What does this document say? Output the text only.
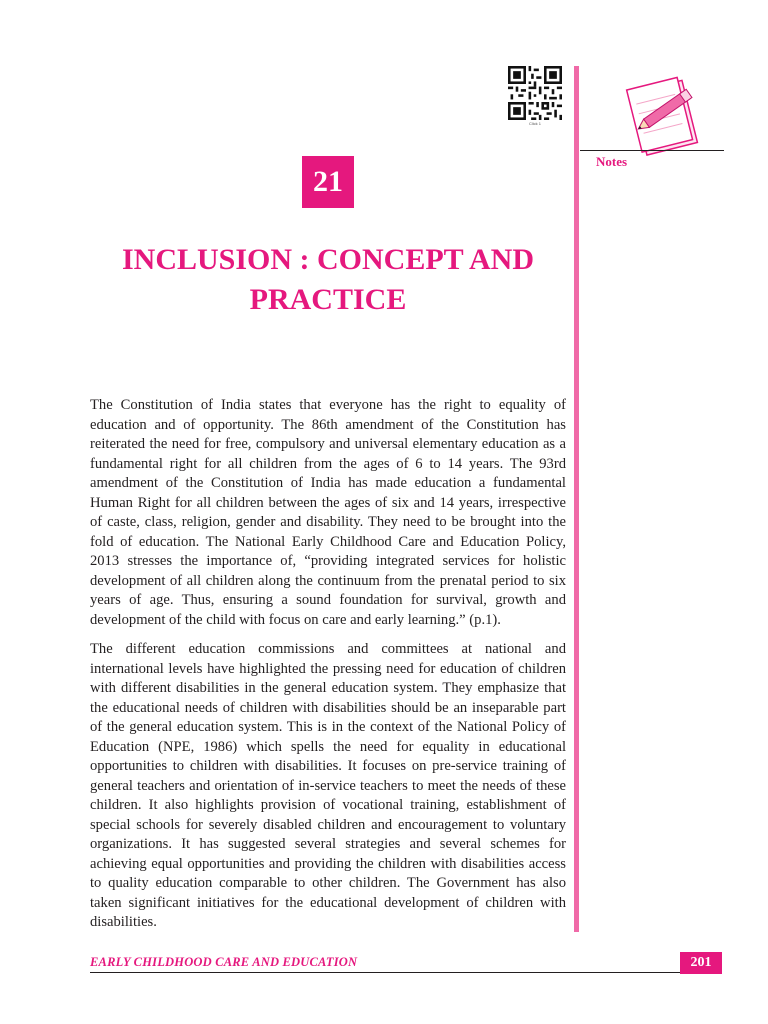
Click 1
Notes
21
INCLUSION : CONCEPT AND
PRACTICE

The Constitution of India states that everyone has the right to equality of education and of opportunity. The 86th amendment of the Constitution has reiterated the need for free, compulsory and universal elementary education as a fundamental right for all children from the ages of 6 to 14 years. The 93rd amendment of the Constitution of India has made education a fundamental Human Right for all children between the ages of six and 14 years, irrespective of caste, class, religion, gender and disability. They need to be brought into the fold of education. The National Early Childhood Care and Education Policy, 2013 stresses the importance of, “providing integrated services for holistic development of all children along the continuum from the prenatal period to six years of age. Thus, ensuring a sound foundation for survival, growth and development of the child with focus on care and early learning.” (p.1).

The different education commissions and committees at national and international levels have highlighted the pressing need for education of children with different disabilities in the general education system. They emphasize that the educational needs of children with disabilities should be an inseparable part of the general education system. This is in the context of the National Policy of Education (NPE, 1986) which spells the need for equality in educational opportunities to children with disabilities. It focuses on pre-service training of general teachers and orientation of in-service teachers to meet the needs of these children. It also highlights provision of vocational training, establishment of special schools for severely disabled children and encouragement to voluntary organizations. It has suggested several strategies and several schemes for achieving equal opportunities and providing the children with disabilities access to quality education comparable to other children. The Government has also taken significant initiatives for the educational development of children with disabilities.

EARLY CHILDHOOD CARE AND EDUCATION	201
